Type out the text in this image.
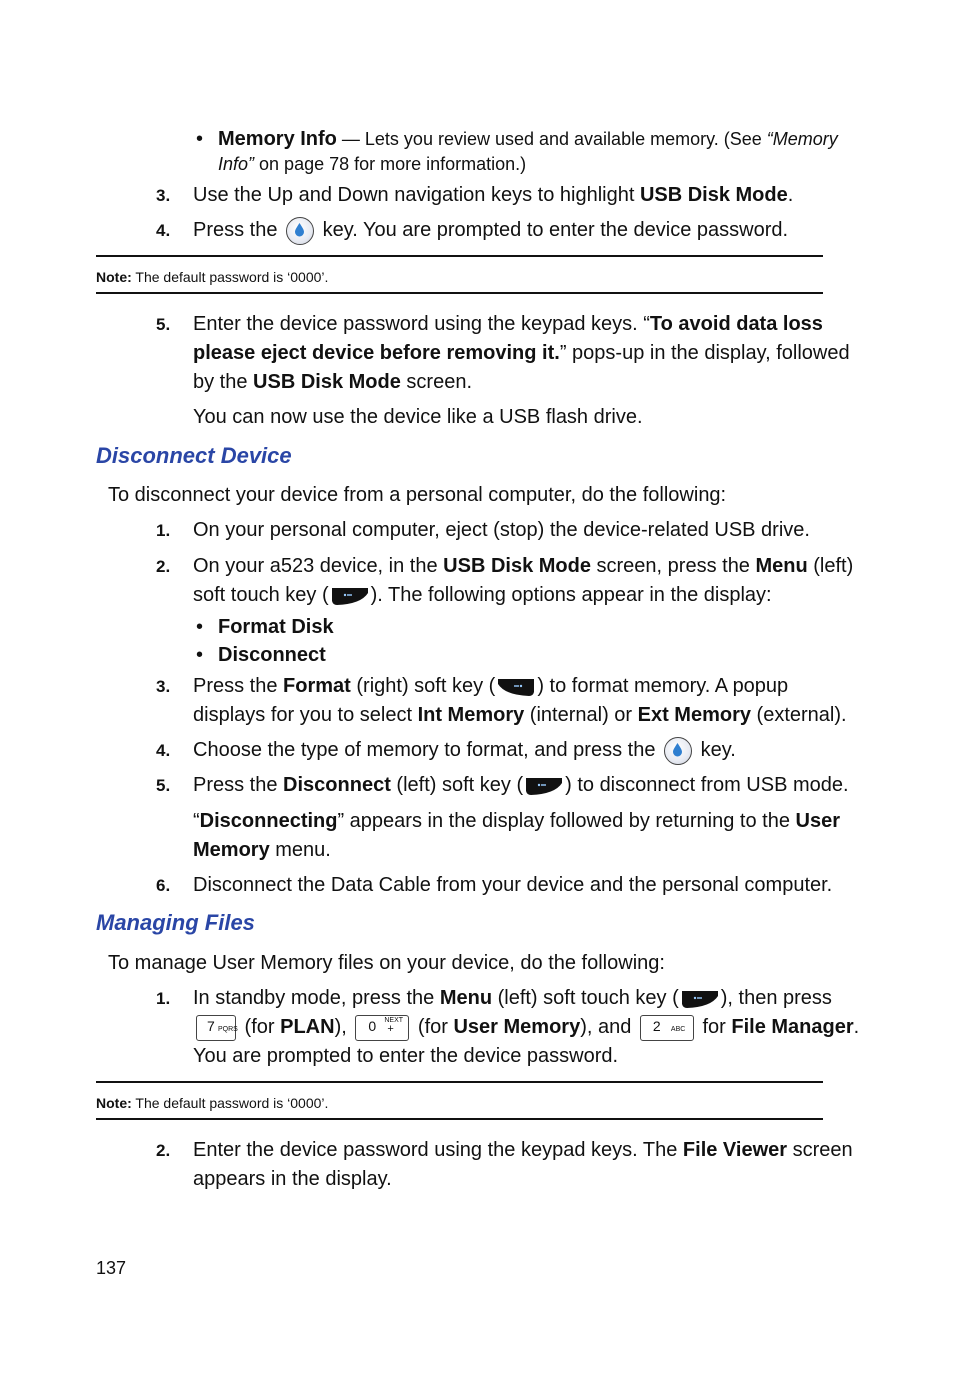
• Memory Info — Lets you review used and available memory. (See “Memory
Info” on page 78 for more information.)
3. Use the Up and Down navigation keys to highlight USB Disk Mode.
4. Press the
key. You are prompted to enter the device password.
Note: The default password is ‘0000’.
5. Enter the device password using the keypad keys. “To avoid data loss
please eject device before removing it.” pops-up in the display, followed
by the USB Disk Mode screen.
You can now use the device like a USB flash drive.
Disconnect Device
To disconnect your device from a personal computer, do the following:
1. On your personal computer, eject (stop) the device-related USB drive.
2. On your a523 device, in the USB Disk Mode screen, press the Menu (left)
soft touch key ( ). The following options appear in the display:
• Format Disk
• Disconnect
3. Press the Format (right) soft key ( ) to format memory. A popup
displays for you to select Int Memory (internal) or Ext Memory (external).
4. Choose the type of memory to format, and press the
key.
5. Press the Disconnect (left) soft key ( ) to disconnect from USB mode.
“Disconnecting” appears in the display followed by returning to the User
Memory menu.
6. Disconnect the Data Cable from your device and the personal computer.
Managing Files
To manage User Memory files on your device, do the following:
1. In standby mode, press the Menu (left) soft touch key ( ), then press
7 PQRS (for PLAN), 0 NEXT
+ (for User Memory), and 2 ABC for File Manager.
You are prompted to enter the device password.
Note: The default password is ‘0000’.
2. Enter the device password using the keypad keys. The File Viewer screen
appears in the display.
137
